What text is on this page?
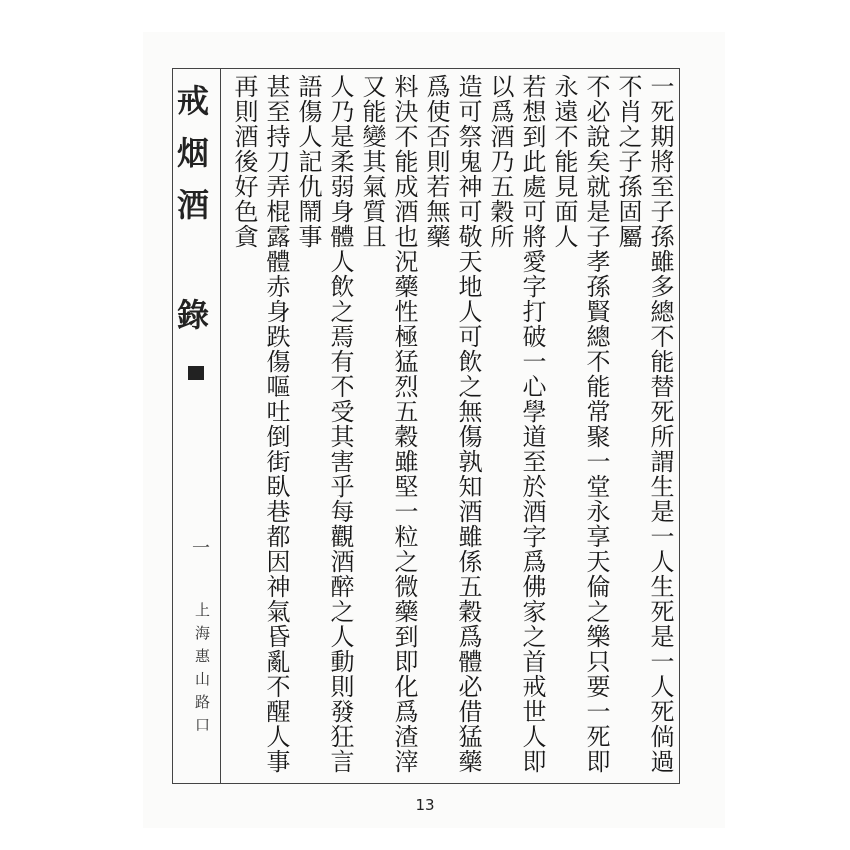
戒烟酒 錄
一
上海惠山路口	一死期將至子孫雖多總不能替死所謂生是一人生死是一人死倘過不肖之子孫固屬
不必說矣就是子孝孫賢總不能常聚一堂永享天倫之樂只要一死即永遠不能見面人
若想到此處可將愛字打破一心學道至於酒字爲佛家之首戒世人即以爲酒乃五穀所
造可祭鬼神可敬天地人可飲之無傷孰知酒雖係五穀爲體必借猛藥爲使否則若無藥
料決不能成酒也況藥性極猛烈五穀雖堅一粒之微藥到即化爲渣滓又能變其氣質且
人乃是柔弱身體人飲之焉有不受其害乎每觀酒醉之人動則發狂言語傷人記仇鬧事
甚至持刀弄棍露體赤身跌傷嘔吐倒街臥巷都因神氣昏亂不醒人事再則酒後好色貪
13
